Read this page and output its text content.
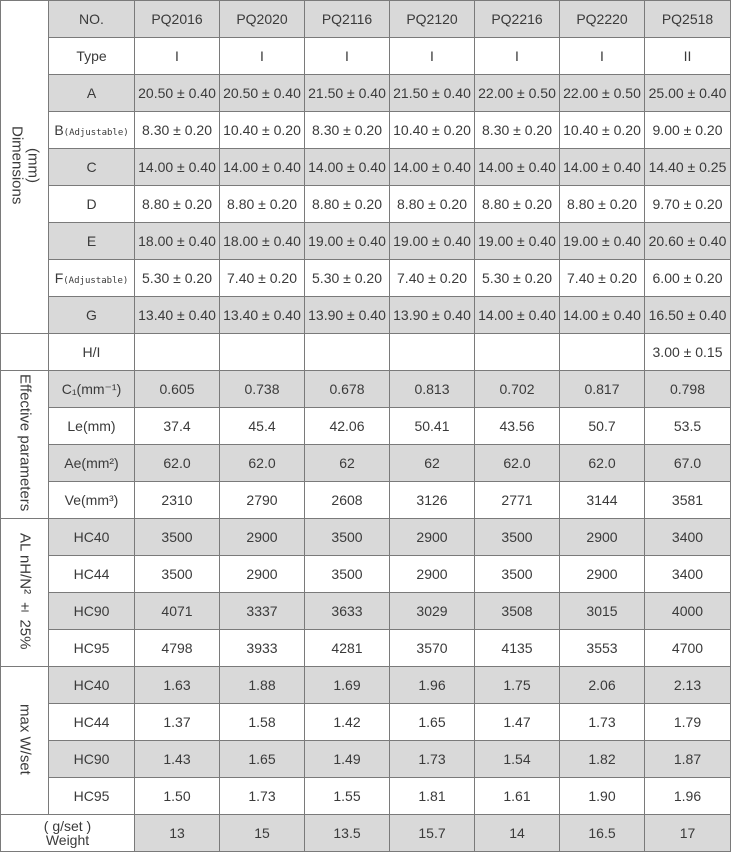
(mm)
Dimensions	NO.	PQ2016	PQ2020	PQ2116	PQ2120	PQ2216	PQ2220	PQ2518
	Type	I	I	I	I	I	I	II
	A	20.50 ± 0.40	20.50 ± 0.40	21.50 ± 0.40	21.50 ± 0.40	22.00 ± 0.50	22.00 ± 0.50	25.00 ± 0.40
	B(Adjustable)	8.30 ± 0.20	10.40 ± 0.20	8.30 ± 0.20	10.40 ± 0.20	8.30 ± 0.20	10.40 ± 0.20	9.00 ± 0.20
	C	14.00 ± 0.40	14.00 ± 0.40	14.00 ± 0.40	14.00 ± 0.40	14.00 ± 0.40	14.00 ± 0.40	14.40 ± 0.25
	D	8.80 ± 0.20	8.80 ± 0.20	8.80 ± 0.20	8.80 ± 0.20	8.80 ± 0.20	8.80 ± 0.20	9.70 ± 0.20
	E	18.00 ± 0.40	18.00 ± 0.40	19.00 ± 0.40	19.00 ± 0.40	19.00 ± 0.40	19.00 ± 0.40	20.60 ± 0.40
	F(Adjustable)	5.30 ± 0.20	7.40 ± 0.20	5.30 ± 0.20	7.40 ± 0.20	5.30 ± 0.20	7.40 ± 0.20	6.00 ± 0.20
	G	13.40 ± 0.40	13.40 ± 0.40	13.90 ± 0.40	13.90 ± 0.40	14.00 ± 0.40	14.00 ± 0.40	16.50 ± 0.40
	H/I							3.00 ± 0.15
Effective parameters	C₁(mm⁻¹)	0.605	0.738	0.678	0.813	0.702	0.817	0.798
	Le(mm)	37.4	45.4	42.06	50.41	43.56	50.7	53.5
	Ae(mm²)	62.0	62.0	62	62	62.0	62.0	67.0
	Ve(mm³)	2310	2790	2608	3126	2771	3144	3581
AL nH/N² ± 25%	HC40	3500	2900	3500	2900	3500	2900	3400
	HC44	3500	2900	3500	2900	3500	2900	3400
	HC90	4071	3337	3633	3029	3508	3015	4000
	HC95	4798	3933	4281	3570	4135	3553	4700
max W/set	HC40	1.63	1.88	1.69	1.96	1.75	2.06	2.13
	HC44	1.37	1.58	1.42	1.65	1.47	1.73	1.79
	HC90	1.43	1.65	1.49	1.73	1.54	1.82	1.87
	HC95	1.50	1.73	1.55	1.81	1.61	1.90	1.96

( g/set )
Weight		13	15	13.5	15.7	14	16.5	17
